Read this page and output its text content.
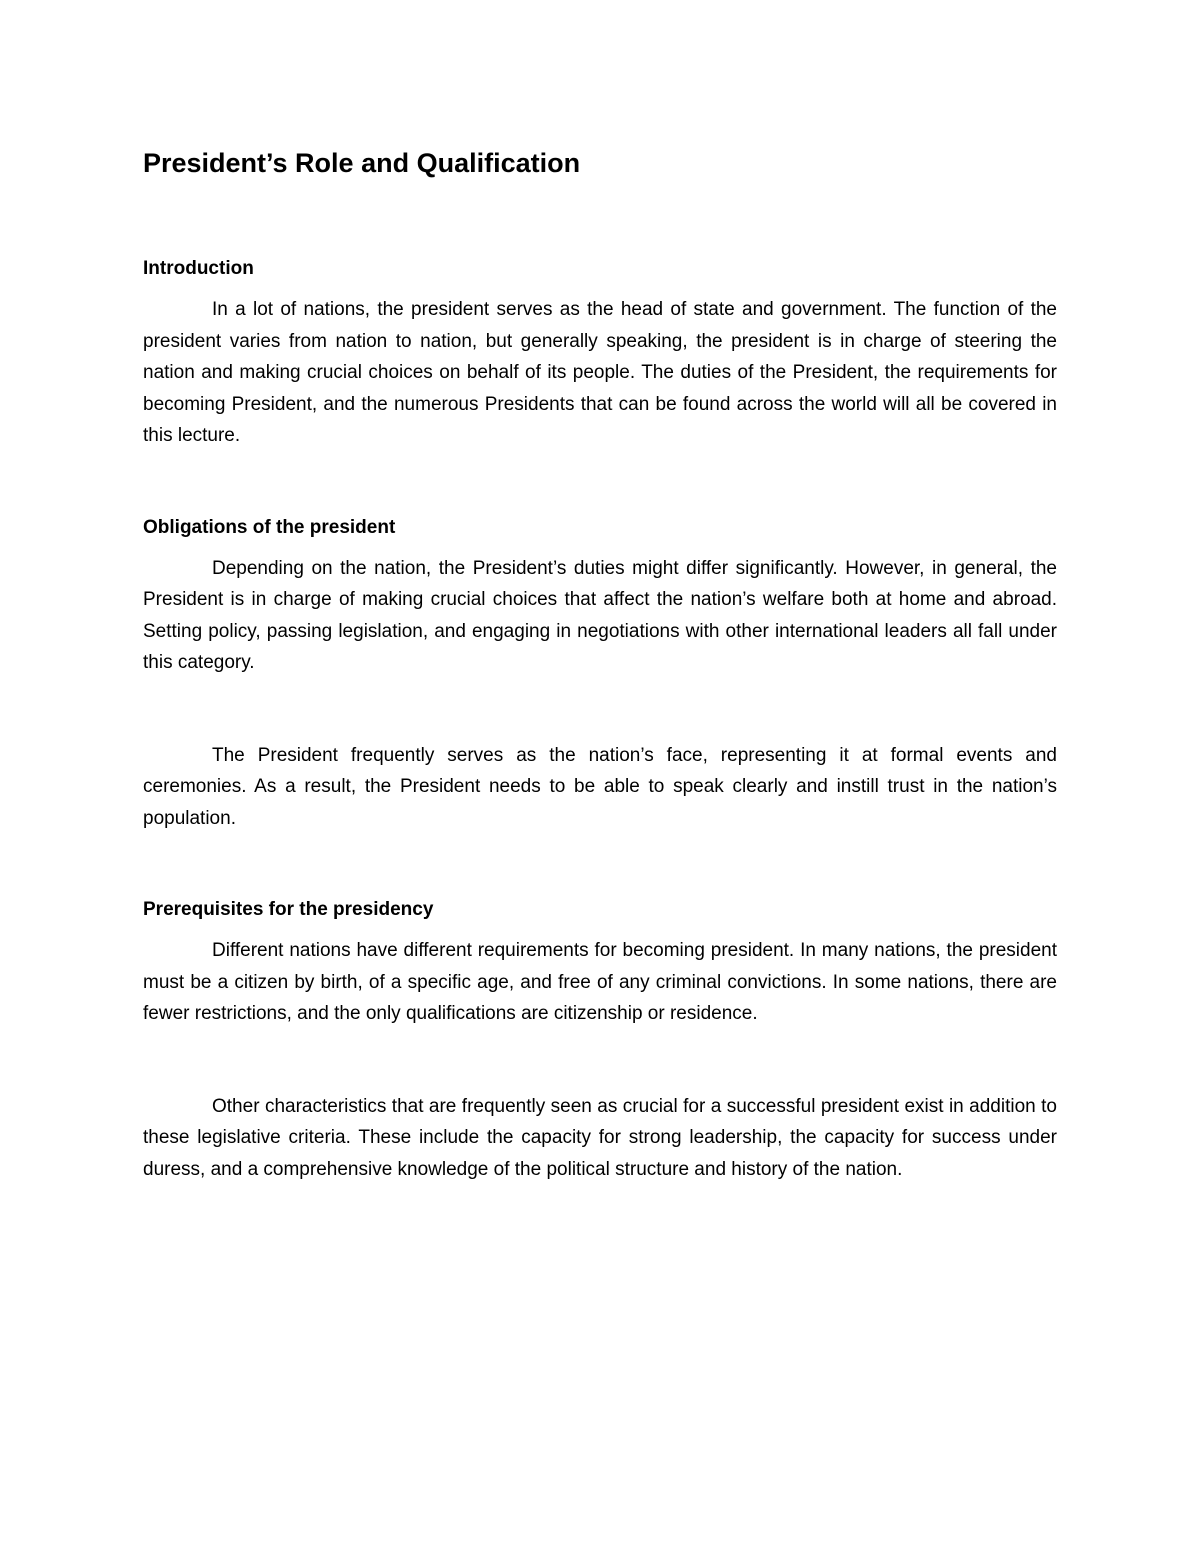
President’s Role and Qualification
Introduction

In a lot of nations, the president serves as the head of state and government. The function of the president varies from nation to nation, but generally speaking, the president is in charge of steering the nation and making crucial choices on behalf of its people. The duties of the President, the requirements for becoming President, and the numerous Presidents that can be found across the world will all be covered in this lecture.

Obligations of the president

Depending on the nation, the President’s duties might differ significantly. However, in general, the President is in charge of making crucial choices that affect the nation’s welfare both at home and abroad. Setting policy, passing legislation, and engaging in negotiations with other international leaders all fall under this category.

The President frequently serves as the nation’s face, representing it at formal events and ceremonies. As a result, the President needs to be able to speak clearly and instill trust in the nation’s population.

Prerequisites for the presidency

Different nations have different requirements for becoming president. In many nations, the president must be a citizen by birth, of a specific age, and free of any criminal convictions. In some nations, there are fewer restrictions, and the only qualifications are citizenship or residence.

Other characteristics that are frequently seen as crucial for a successful president exist in addition to these legislative criteria. These include the capacity for strong leadership, the capacity for success under duress, and a comprehensive knowledge of the political structure and history of the nation.
